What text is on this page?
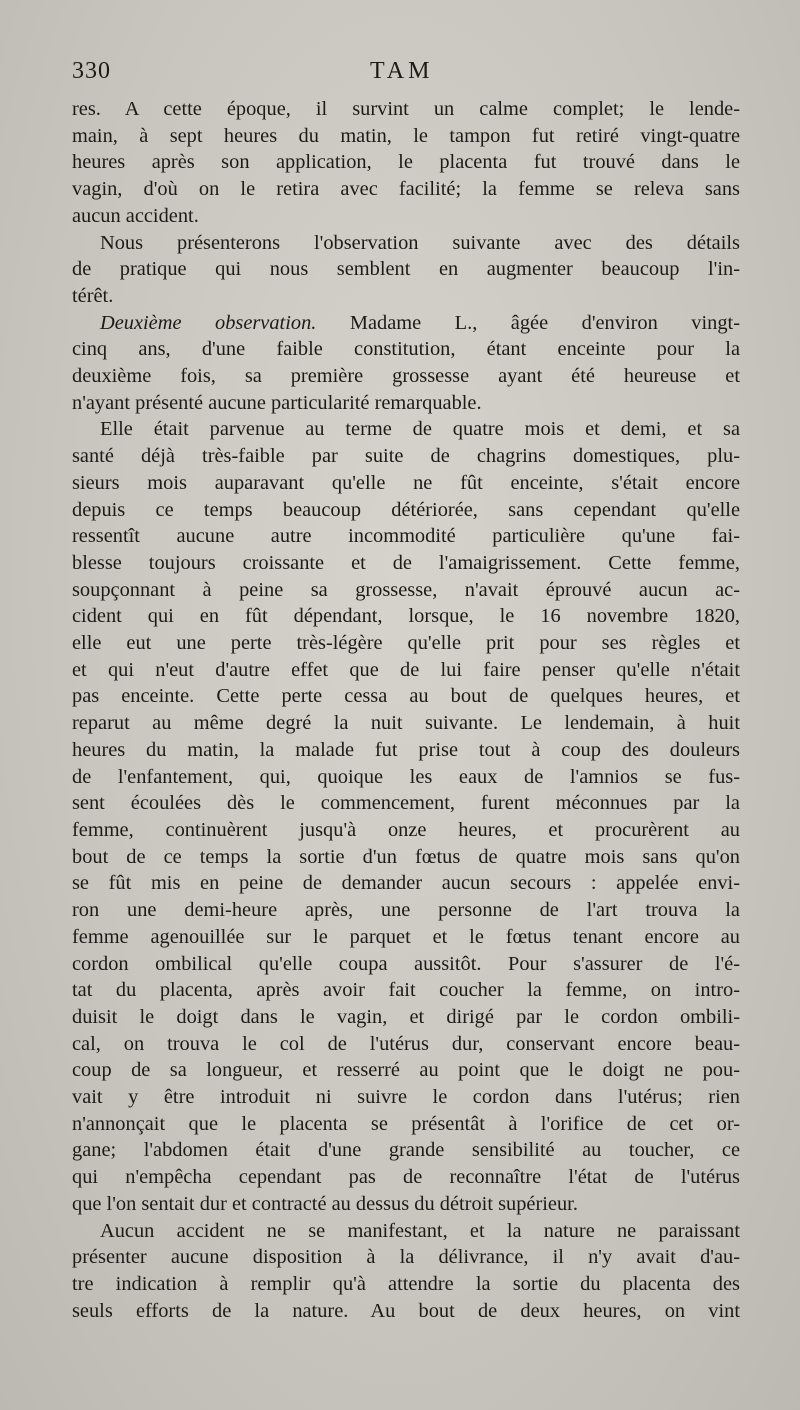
330	TAM
res. A cette époque, il survint un calme complet; le lende-
main, à sept heures du matin, le tampon fut retiré vingt-quatre
heures après son application, le placenta fut trouvé dans le
vagin, d'où on le retira avec facilité; la femme se releva sans
aucun accident.
Nous présenterons l'observation suivante avec des détails
de pratique qui nous semblent en augmenter beaucoup l'in-
térêt.
Deuxième observation. Madame L., âgée d'environ vingt-
cinq ans, d'une faible constitution, étant enceinte pour la
deuxième fois, sa première grossesse ayant été heureuse et
n'ayant présenté aucune particularité remarquable.
Elle était parvenue au terme de quatre mois et demi, et sa
santé déjà très-faible par suite de chagrins domestiques, plu-
sieurs mois auparavant qu'elle ne fût enceinte, s'était encore
depuis ce temps beaucoup détériorée, sans cependant qu'elle
ressentît aucune autre incommodité particulière qu'une fai-
blesse toujours croissante et de l'amaigrissement. Cette femme,
soupçonnant à peine sa grossesse, n'avait éprouvé aucun ac-
cident qui en fût dépendant, lorsque, le 16 novembre 1820,
elle eut une perte très-légère qu'elle prit pour ses règles et
et qui n'eut d'autre effet que de lui faire penser qu'elle n'était
pas enceinte. Cette perte cessa au bout de quelques heures, et
reparut au même degré la nuit suivante. Le lendemain, à huit
heures du matin, la malade fut prise tout à coup des douleurs
de l'enfantement, qui, quoique les eaux de l'amnios se fus-
sent écoulées dès le commencement, furent méconnues par la
femme, continuèrent jusqu'à onze heures, et procurèrent au
bout de ce temps la sortie d'un fœtus de quatre mois sans qu'on
se fût mis en peine de demander aucun secours : appelée envi-
ron une demi-heure après, une personne de l'art trouva la
femme agenouillée sur le parquet et le fœtus tenant encore au
cordon ombilical qu'elle coupa aussitôt. Pour s'assurer de l'é-
tat du placenta, après avoir fait coucher la femme, on intro-
duisit le doigt dans le vagin, et dirigé par le cordon ombili-
cal, on trouva le col de l'utérus dur, conservant encore beau-
coup de sa longueur, et resserré au point que le doigt ne pou-
vait y être introduit ni suivre le cordon dans l'utérus; rien
n'annonçait que le placenta se présentât à l'orifice de cet or-
gane; l'abdomen était d'une grande sensibilité au toucher, ce
qui n'empêcha cependant pas de reconnaître l'état de l'utérus
que l'on sentait dur et contracté au dessus du détroit supérieur.
Aucun accident ne se manifestant, et la nature ne paraissant
présenter aucune disposition à la délivrance, il n'y avait d'au-
tre indication à remplir qu'à attendre la sortie du placenta des
seuls efforts de la nature. Au bout de deux heures, on vint
